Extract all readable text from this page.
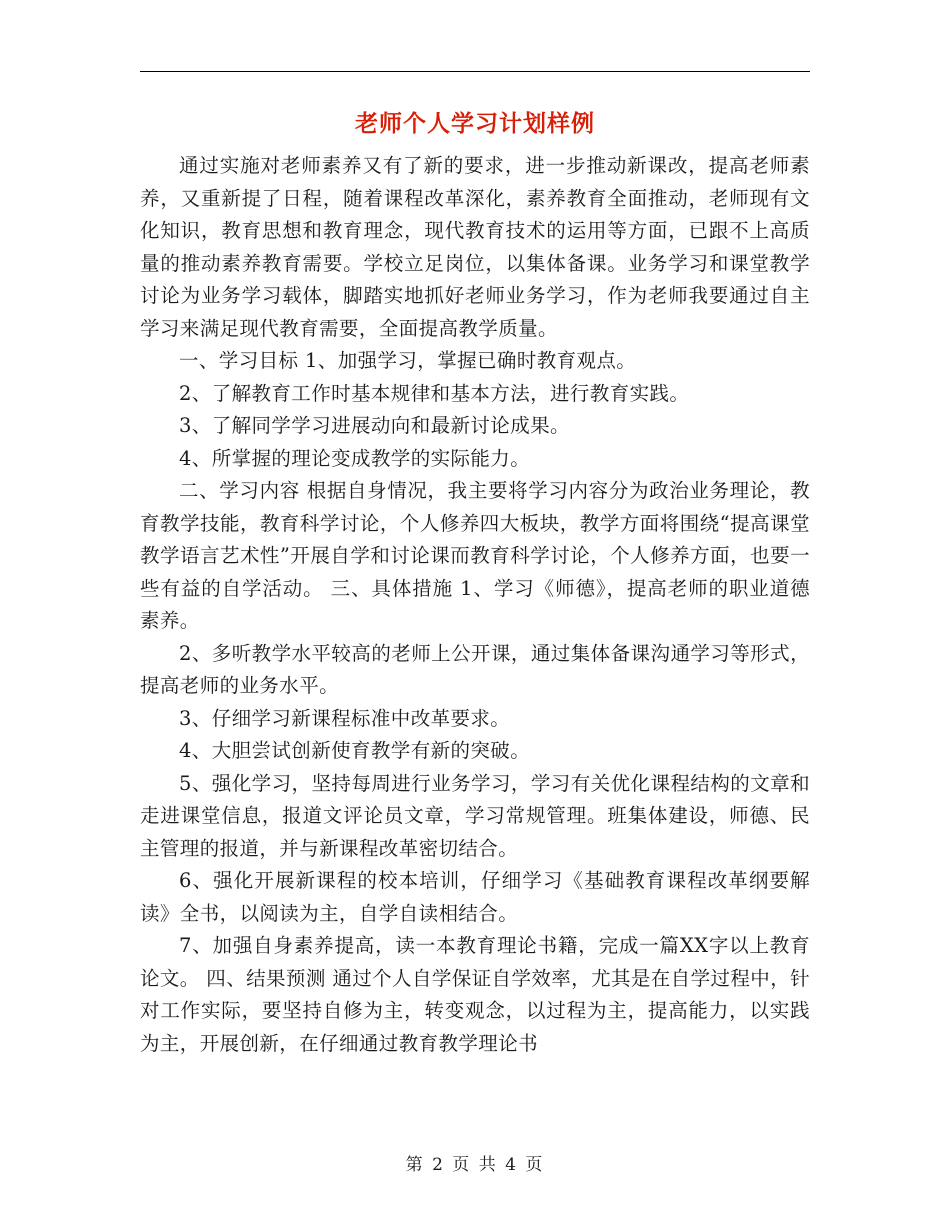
老师个人学习计划样例

通过实施对老师素养又有了新的要求，进一步推动新课改，提高老师素养，又重新提了日程，随着课程改革深化，素养教育全面推动，老师现有文化知识，教育思想和教育理念，现代教育技术的运用等方面，已跟不上高质量的推动素养教育需要。学校立足岗位，以集体备课。业务学习和课堂教学讨论为业务学习载体，脚踏实地抓好老师业务学习，作为老师我要通过自主学习来满足现代教育需要，全面提高教学质量。

一、学习目标 1、加强学习，掌握已确时教育观点。

2、了解教育工作时基本规律和基本方法，进行教育实践。

3、了解同学学习进展动向和最新讨论成果。

4、所掌握的理论变成教学的实际能力。

二、学习内容 根据自身情况，我主要将学习内容分为政治业务理论，教育教学技能，教育科学讨论，个人修养四大板块，教学方面将围绕“提高课堂教学语言艺术性”开展自学和讨论课而教育科学讨论，个人修养方面，也要一些有益的自学活动。 三、具体措施 1、学习《师德》，提高老师的职业道德素养。

2、多听教学水平较高的老师上公开课，通过集体备课沟通学习等形式，提高老师的业务水平。

3、仔细学习新课程标准中改革要求。

4、大胆尝试创新使育教学有新的突破。

5、强化学习，坚持每周进行业务学习，学习有关优化课程结构的文章和走进课堂信息，报道文评论员文章，学习常规管理。班集体建设，师德、民主管理的报道，并与新课程改革密切结合。

6、强化开展新课程的校本培训，仔细学习《基础教育课程改革纲要解读》全书，以阅读为主，自学自读相结合。

7、加强自身素养提高，读一本教育理论书籍，完成一篇XX字以上教育论文。 四、结果预测 通过个人自学保证自学效率，尤其是在自学过程中，针对工作实际，要坚持自修为主，转变观念，以过程为主，提高能力，以实践为主，开展创新，在仔细通过教育教学理论书

第 2 页 共 4 页
